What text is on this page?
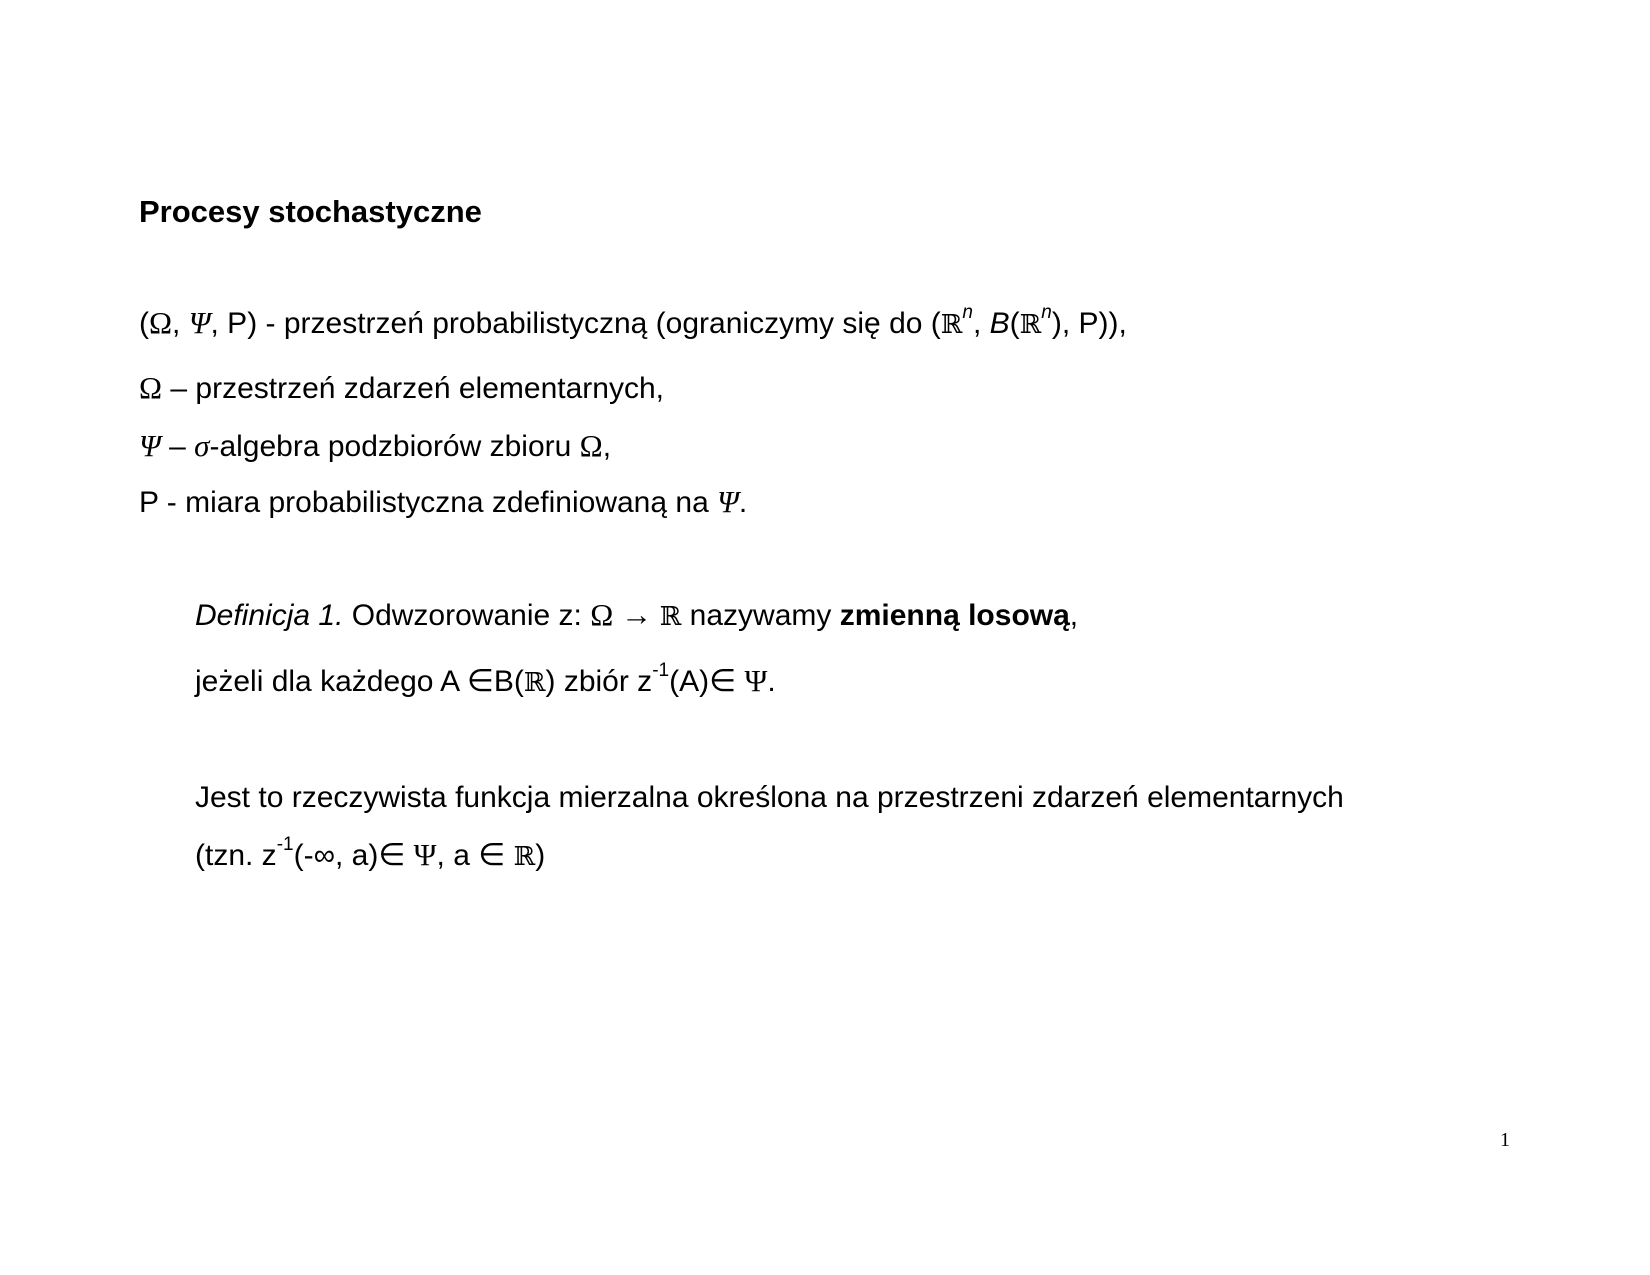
Procesy stochastyczne
(Ω, Ψ, P) - przestrzeń probabilistyczną (ograniczymy się do (ℝ$^n$, B(ℝ$^n$), P)),
Ω – przestrzeń zdarzeń elementarnych,
Ψ – σ-algebra podzbiorów zbioru Ω,
P - miara probabilistyczna zdefiniowaną na Ψ.
Definicja 1. Odwzorowanie z: Ω → ℝ nazywamy zmienną losową,
jeżeli dla każdego A ∈B(ℝ) zbiór $z^{-1}(A)\in$ Ψ.
Jest to rzeczywista funkcja mierzalna określona na przestrzeni zdarzeń elementarnych
(tzn. $z^{-1}(-\infty$, a)∈ Ψ, a ∈ ℝ)
1
